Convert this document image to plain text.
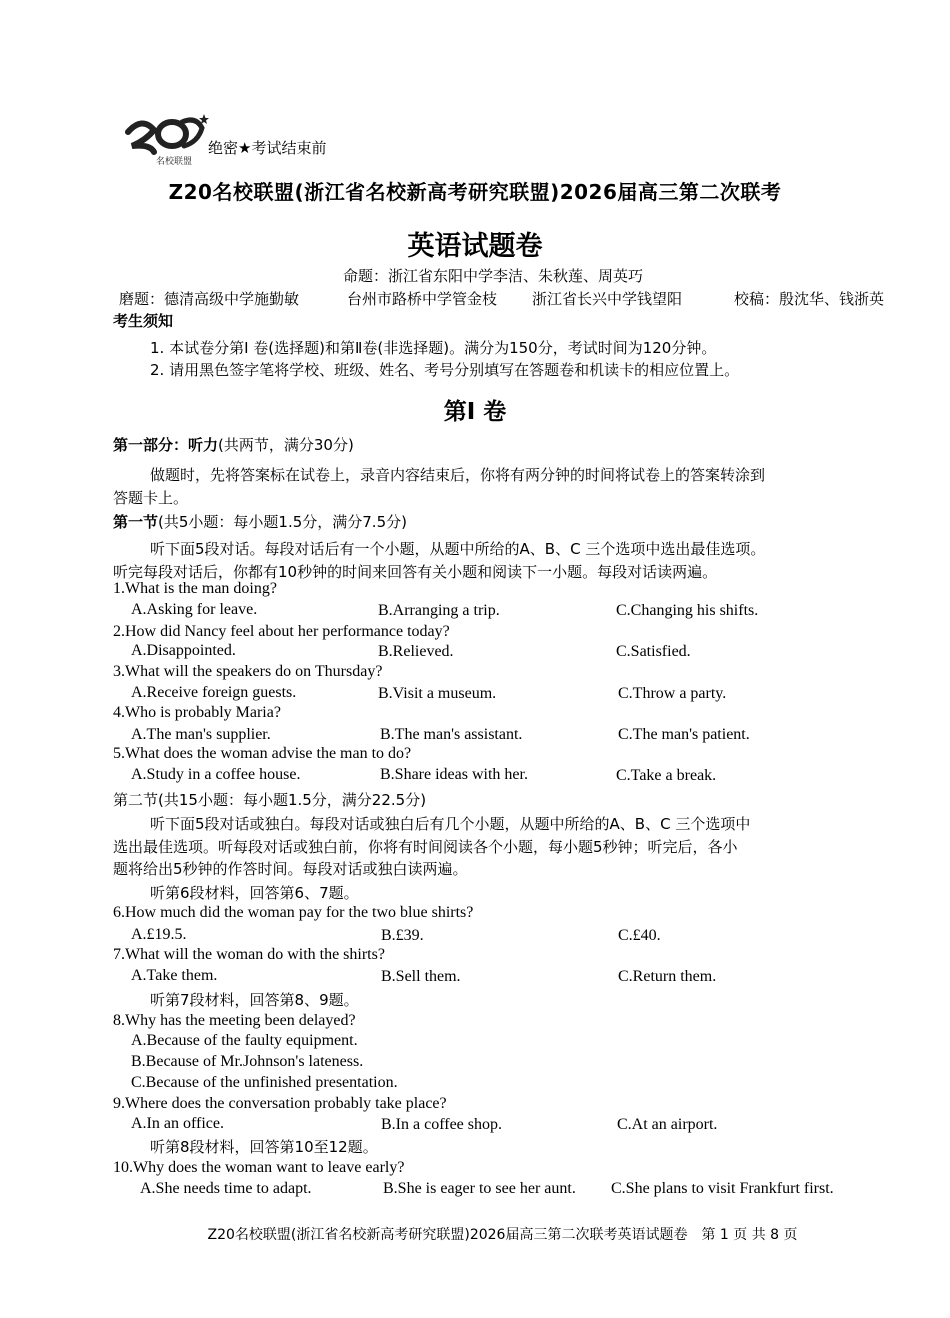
名校联盟
绝密★考试结束前
Z20名校联盟(浙江省名校新高考研究联盟)2026届高三第二次联考
英语试题卷
命题：浙江省东阳中学李洁、朱秋莲、周英巧
磨题：德清高级中学施勤敏	台州市路桥中学管金枝 浙江省长兴中学钱望阳	校稿：殷沈华、钱浙英
考生须知
1. 本试卷分第I 卷(选择题)和第Ⅱ卷(非选择题)。满分为150分，考试时间为120分钟。
2. 请用黑色签字笔将学校、班级、姓名、考号分别填写在答题卷和机读卡的相应位置上。
第I 卷
第一部分：听力(共两节，满分30分)
做题时，先将答案标在试卷上，录音内容结束后，你将有两分钟的时间将试卷上的答案转涂到
答题卡上。
第一节(共5小题：每小题1.5分，满分7.5分)
听下面5段对话。每段对话后有一个小题，从题中所给的A、B、C 三个选项中选出最佳选项。
听完每段对话后，你都有10秒钟的时间来回答有关小题和阅读下一小题。每段对话读两遍。
1.What is the man doing?
A.Asking for leave.	B.Arranging a trip.	C.Changing his shifts.
2.How did Nancy feel about her performance today?
A.Disappointed.	B.Relieved.	C.Satisfied.
3.What will the speakers do on Thursday?
A.Receive foreign guests.	B.Visit a museum.	C.Throw a party.
4.Who is probably Maria?
A.The man's supplier.	B.The man's assistant.	C.The man's patient.
5.What does the woman advise the man to do?
A.Study in a coffee house.	B.Share ideas with her.	C.Take a break.
第二节(共15小题：每小题1.5分，满分22.5分)
听下面5段对话或独白。每段对话或独白后有几个小题，从题中所给的A、B、C 三个选项中
选出最佳选项。听每段对话或独白前，你将有时间阅读各个小题，每小题5秒钟；听完后，各小
题将给出5秒钟的作答时间。每段对话或独白读两遍。
听第6段材料，回答第6、7题。
6.How much did the woman pay for the two blue shirts?
A.£19.5.	B.£39.	C.£40.
7.What will the woman do with the shirts?
A.Take them.	B.Sell them.	C.Return them.
听第7段材料，回答第8、9题。
8.Why has the meeting been delayed?
A.Because of the faulty equipment.
B.Because of Mr.Johnson's lateness.
C.Because of the unfinished presentation.
9.Where does the conversation probably take place?
A.In an office.	B.In a coffee shop.	C.At an airport.
听第8段材料，回答第10至12题。
10.Why does the woman want to leave early?
A.She needs time to adapt.	B.She is eager to see her aunt. C.She plans to visit Frankfurt first.
Z20名校联盟(浙江省名校新高考研究联盟)2026届高三第二次联考英语试题卷　第 1 页 共 8 页
